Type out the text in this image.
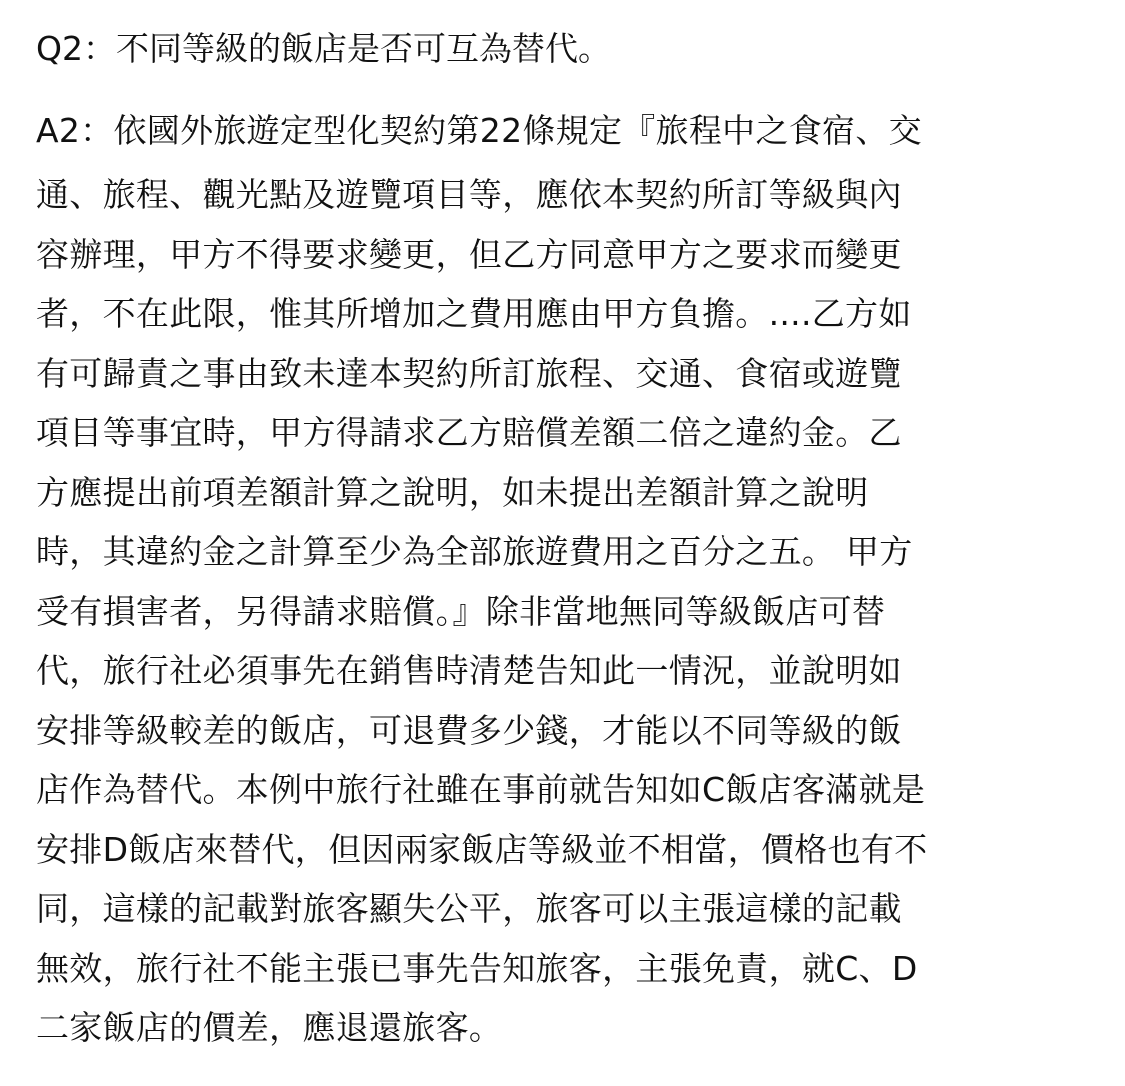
Q2：不同等級的飯店是否可互為替代。
A2：依國外旅遊定型化契約第22條規定『旅程中之食宿、交
通、旅程、觀光點及遊覽項目等，應依本契約所訂等級與內
容辦理，甲方不得要求變更，但乙方同意甲方之要求而變更
者，不在此限，惟其所增加之費用應由甲方負擔。....乙方如
有可歸責之事由致未達本契約所訂旅程、交通、食宿或遊覽
項目等事宜時，甲方得請求乙方賠償差額二倍之違約金。乙
方應提出前項差額計算之說明，如未提出差額計算之說明
時，其違約金之計算至少為全部旅遊費用之百分之五。 甲方
受有損害者，另得請求賠償。』除非當地無同等級飯店可替
代，旅行社必須事先在銷售時清楚告知此一情況，並說明如
安排等級較差的飯店，可退費多少錢，才能以不同等級的飯
店作為替代。本例中旅行社雖在事前就告知如C飯店客滿就是
安排D飯店來替代，但因兩家飯店等級並不相當，價格也有不
同，這樣的記載對旅客顯失公平，旅客可以主張這樣的記載
無效，旅行社不能主張已事先告知旅客，主張免責，就C、D
二家飯店的價差，應退還旅客。
